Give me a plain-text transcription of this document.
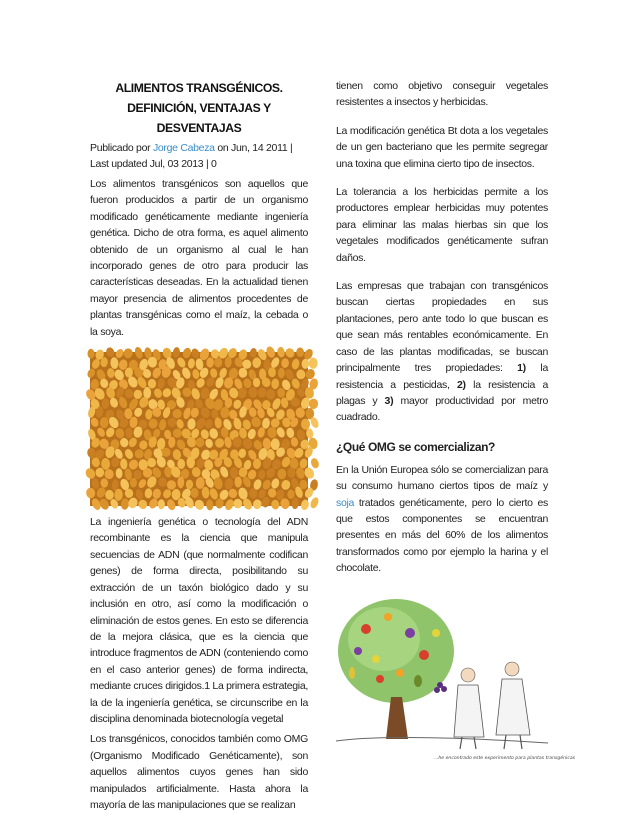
ALIMENTOS TRANSGÉNICOS.
DEFINICIÓN, VENTAJAS Y
DESVENTAJAS
Publicado por Jorge Cabeza on Jun, 14 2011 |
Last updated Jul, 03 2013 | 0

Los alimentos transgénicos son aquellos que fueron producidos a partir de un organismo modificado genéticamente mediante ingeniería genética. Dicho de otra forma, es aquel alimento obtenido de un organismo al cual le han incorporado genes de otro para producir las características deseadas. En la actualidad tienen mayor presencia de alimentos procedentes de plantas transgénicas como el maíz, la cebada o la soya.

La ingeniería genética o tecnología del ADN recombinante es la ciencia que manipula secuencias de ADN (que normalmente codifican genes) de forma directa, posibilitando su extracción de un taxón biológico dado y su inclusión en otro, así como la modificación o eliminación de estos genes. En esto se diferencia de la mejora clásica, que es la ciencia que introduce fragmentos de ADN (conteniendo como en el caso anterior genes) de forma indirecta, mediante cruces dirigidos.1 La primera estrategia, la de la ingeniería genética, se circunscribe en la disciplina denominada biotecnología vegetal

Los transgénicos, conocidos también como OMG (Organismo Modificado Genéticamente), son aquellos alimentos cuyos genes han sido manipulados artificialmente. Hasta ahora la mayoría de las manipulaciones que se realizan

tienen como objetivo conseguir vegetales resistentes a insectos y herbicidas.

La modificación genética Bt dota a los vegetales de un gen bacteriano que les permite segregar una toxina que elimina cierto tipo de insectos.

La tolerancia a los herbicidas permite a los productores emplear herbicidas muy potentes para eliminar las malas hierbas sin que los vegetales modificados genéticamente sufran daños.

Las empresas que trabajan con transgénicos buscan ciertas propiedades en sus plantaciones, pero ante todo lo que buscan es que sean más rentables económicamente. En caso de las plantas modificadas, se buscan principalmente tres propiedades: 1) la resistencia a pesticidas, 2) la resistencia a plagas y 3) mayor productividad por metro cuadrado.

¿Qué OMG se comercializan?

En la Unión Europea sólo se comercializan para su consumo humano ciertos tipos de maíz y soja tratados genéticamente, pero lo cierto es que estos componentes se encuentran presentes en más del 60% de los alimentos transformados como por ejemplo la harina y el chocolate.

...he encontrado este experimento para plantas transgénicas
